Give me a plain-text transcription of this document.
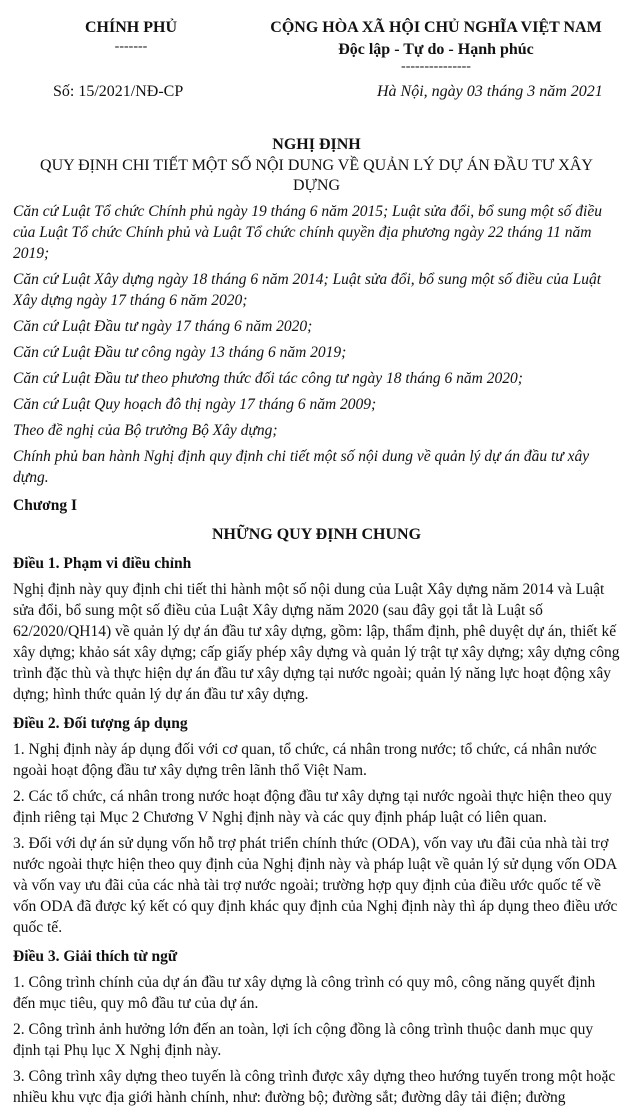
CHÍNH PHỦ
-------
CỘNG HÒA XÃ HỘI CHỦ NGHĨA VIỆT NAM
Độc lập - Tự do - Hạnh phúc
---------------
Số: 15/2021/NĐ-CP	Hà Nội, ngày 03 tháng 3 năm 2021
NGHỊ ĐỊNH
QUY ĐỊNH CHI TIẾT MỘT SỐ NỘI DUNG VỀ QUẢN LÝ DỰ ÁN ĐẦU TƯ XÂY DỰNG

Căn cứ Luật Tổ chức Chính phủ ngày 19 tháng 6 năm 2015; Luật sửa đổi, bổ sung một số điều của Luật Tổ chức Chính phủ và Luật Tổ chức chính quyền địa phương ngày 22 tháng 11 năm 2019;

Căn cứ Luật Xây dựng ngày 18 tháng 6 năm 2014; Luật sửa đổi, bổ sung một số điều của Luật Xây dựng ngày 17 tháng 6 năm 2020;

Căn cứ Luật Đầu tư ngày 17 tháng 6 năm 2020;

Căn cứ Luật Đầu tư công ngày 13 tháng 6 năm 2019;

Căn cứ Luật Đầu tư theo phương thức đối tác công tư ngày 18 tháng 6 năm 2020;

Căn cứ Luật Quy hoạch đô thị ngày 17 tháng 6 năm 2009;

Theo đề nghị của Bộ trưởng Bộ Xây dựng;

Chính phủ ban hành Nghị định quy định chi tiết một số nội dung về quản lý dự án đầu tư xây dựng.

Chương I

NHỮNG QUY ĐỊNH CHUNG

Điều 1. Phạm vi điều chỉnh

Nghị định này quy định chi tiết thi hành một số nội dung của Luật Xây dựng năm 2014 và Luật sửa đổi, bổ sung một số điều của Luật Xây dựng năm 2020 (sau đây gọi tắt là Luật số 62/2020/QH14) về quản lý dự án đầu tư xây dựng, gồm: lập, thẩm định, phê duyệt dự án, thiết kế xây dựng; khảo sát xây dựng; cấp giấy phép xây dựng và quản lý trật tự xây dựng; xây dựng công trình đặc thù và thực hiện dự án đầu tư xây dựng tại nước ngoài; quản lý năng lực hoạt động xây dựng; hình thức quản lý dự án đầu tư xây dựng.

Điều 2. Đối tượng áp dụng

1. Nghị định này áp dụng đối với cơ quan, tổ chức, cá nhân trong nước; tổ chức, cá nhân nước ngoài hoạt động đầu tư xây dựng trên lãnh thổ Việt Nam.

2. Các tổ chức, cá nhân trong nước hoạt động đầu tư xây dựng tại nước ngoài thực hiện theo quy định riêng tại Mục 2 Chương V Nghị định này và các quy định pháp luật có liên quan.

3. Đối với dự án sử dụng vốn hỗ trợ phát triển chính thức (ODA), vốn vay ưu đãi của nhà tài trợ nước ngoài thực hiện theo quy định của Nghị định này và pháp luật về quản lý sử dụng vốn ODA và vốn vay ưu đãi của các nhà tài trợ nước ngoài; trường hợp quy định của điều ước quốc tế về vốn ODA đã được ký kết có quy định khác quy định của Nghị định này thì áp dụng theo điều ước quốc tế.

Điều 3. Giải thích từ ngữ

1. Công trình chính của dự án đầu tư xây dựng là công trình có quy mô, công năng quyết định đến mục tiêu, quy mô đầu tư của dự án.

2. Công trình ảnh hưởng lớn đến an toàn, lợi ích cộng đồng là công trình thuộc danh mục quy định tại Phụ lục X Nghị định này.

3. Công trình xây dựng theo tuyến là công trình được xây dựng theo hướng tuyến trong một hoặc nhiều khu vực địa giới hành chính, như: đường bộ; đường sắt; đường dây tải điện; đường
